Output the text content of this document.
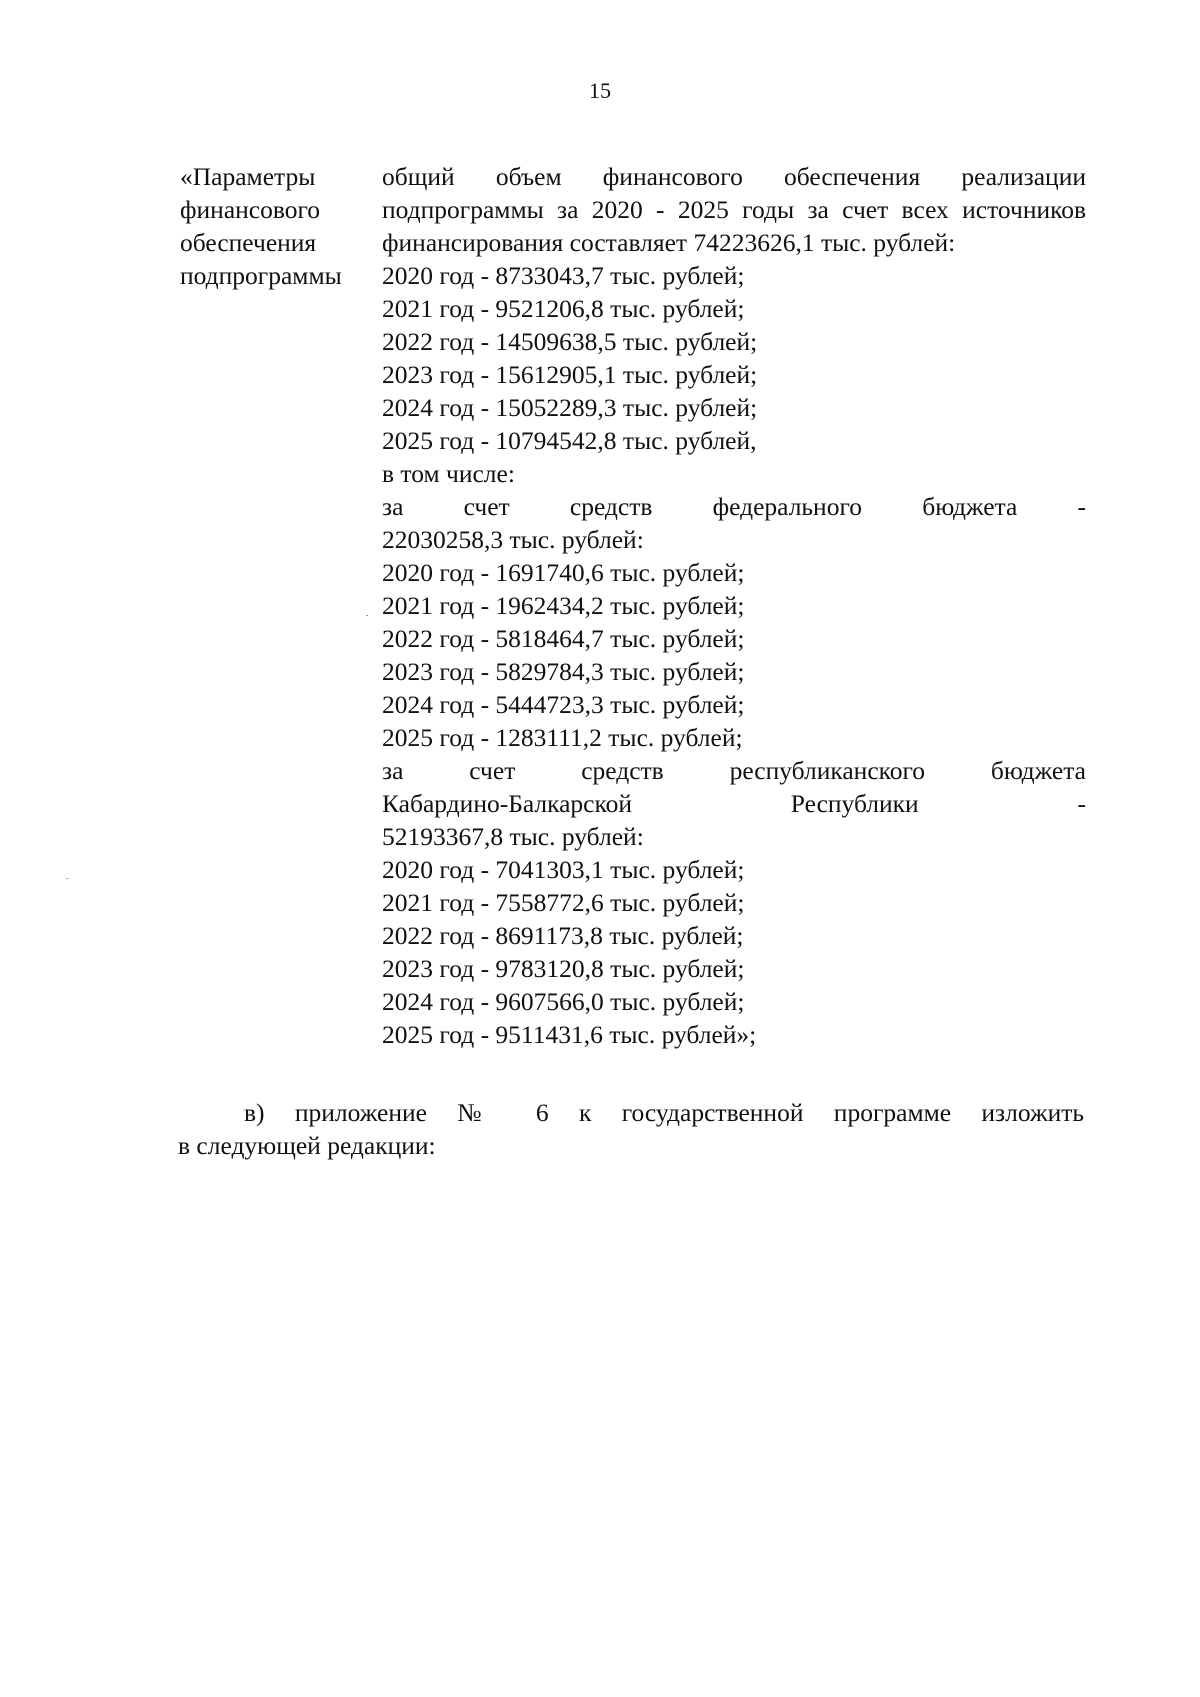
15
«Параметры
финансового
обеспечения
подпрограммы
общий объем финансового обеспечения реализации
подпрограммы за 2020 - 2025 годы за счет всех источников
финансирования составляет 74223626,1 тыс. рублей:
2020 год - 8733043,7 тыс. рублей;
2021 год - 9521206,8 тыс. рублей;
2022 год - 14509638,5 тыс. рублей;
2023 год - 15612905,1 тыс. рублей;
2024 год - 15052289,3 тыс. рублей;
2025 год - 10794542,8 тыс. рублей,
в том числе:
за счет средств федерального бюджета -
22030258,3 тыс. рублей:
2020 год - 1691740,6 тыс. рублей;
2021 год - 1962434,2 тыс. рублей;
2022 год - 5818464,7 тыс. рублей;
2023 год - 5829784,3 тыс. рублей;
2024 год - 5444723,3 тыс. рублей;
2025 год - 1283111,2 тыс. рублей;
за счет средств республиканского бюджета
Кабардино-Балкарской Республики -
52193367,8 тыс. рублей:
2020 год - 7041303,1 тыс. рублей;
2021 год - 7558772,6 тыс. рублей;
2022 год - 8691173,8 тыс. рублей;
2023 год - 9783120,8 тыс. рублей;
2024 год - 9607566,0 тыс. рублей;
2025 год - 9511431,6 тыс. рублей»;
в) приложение № 6 к государственной программе изложить
в следующей редакции:
